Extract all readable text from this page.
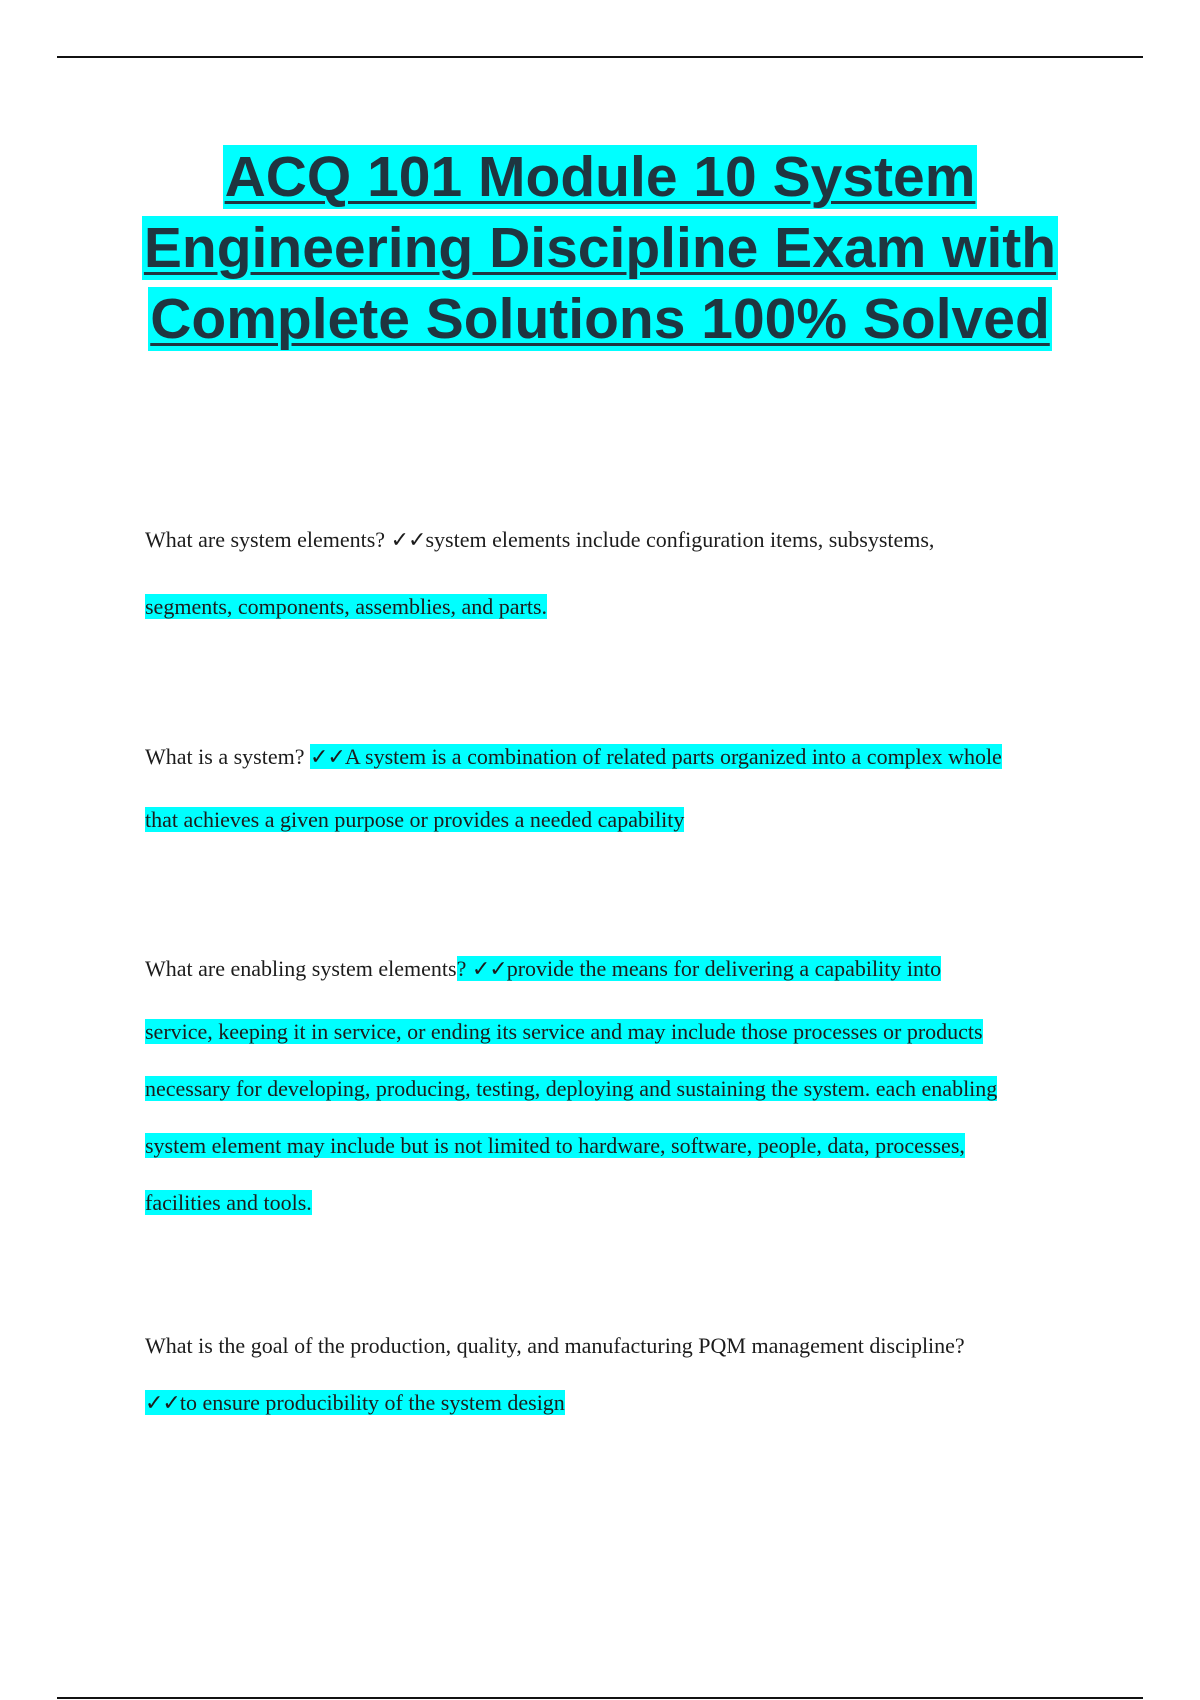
ACQ 101 Module 10 System
Engineering Discipline Exam with
Complete Solutions 100% Solved
What are system elements? ✓✓system elements include configuration items, subsystems,
segments, components, assemblies, and parts.
What is a system? ✓✓A system is a combination of related parts organized into a complex whole
that achieves a given purpose or provides a needed capability
What are enabling system elements? ✓✓provide the means for delivering a capability into
service, keeping it in service, or ending its service and may include those processes or products
necessary for developing, producing, testing, deploying and sustaining the system. each enabling
system element may include but is not limited to hardware, software, people, data, processes,
facilities and tools.
What is the goal of the production, quality, and manufacturing PQM management discipline?
✓✓to ensure producibility of the system design
